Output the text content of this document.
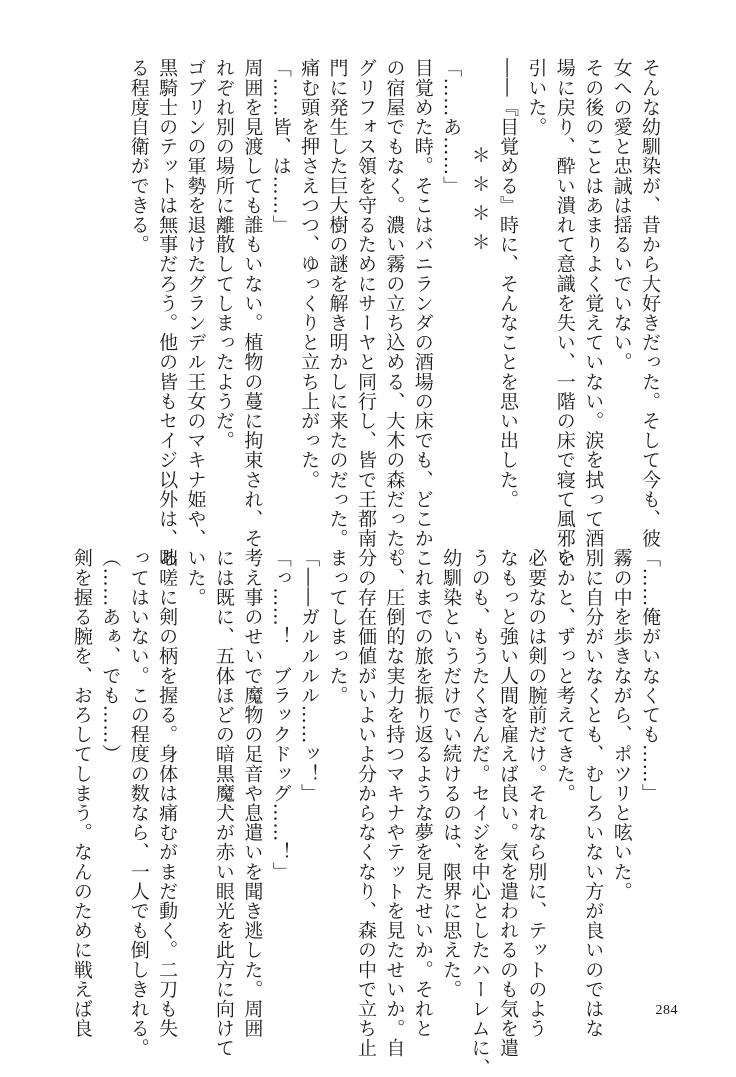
そんな幼馴染が、昔から大好きだった。そして今も、彼

女への愛と忠誠は揺るいでいない。

その後のことはあまりよく覚えていない。涙を拭って酒

場に戻り、酔い潰れて意識を失い、一階の床で寝て風邪を

引いた。

――『目覚める』時に、そんなことを思い出した。

　　　＊＊＊＊

「……あ……」

目覚めた時。そこはバニランダの酒場の床でも、どこか

の宿屋でもなく。濃い霧の立ち込める、大木の森だった。

グリフォス領を守るためにサーヤと同行し、皆で王都南

門に発生した巨大樹の謎を解き明かしに来たのだった。

痛む頭を押さえつつ、ゆっくりと立ち上がった。

「……皆、は……」

周囲を見渡しても誰もいない。植物の蔓に拘束され、そ

れぞれ別の場所に離散してしまったようだ。

ゴブリンの軍勢を退けたグランデル王女のマキナ姫や、

黒騎士のテットは無事だろう。他の皆もセイジ以外は、あ

る程度自衛ができる。

「……俺がいなくても……」

霧の中を歩きながら、ポツリと呟いた。

別に自分がいなくとも、むしろいない方が良いのではな

いかと、ずっと考えてきた。

必要なのは剣の腕前だけ。それなら別に、テットのよう

なもっと強い人間を雇えば良い。気を遣われるのも気を遣

うのも、もうたくさんだ。セイジを中心としたハーレムに、

幼馴染というだけでい続けるのは、限界に思えた。

これまでの旅を振り返るような夢を見たせいか。それと

も、圧倒的な実力を持つマキナやテットを見たせいか。自

分の存在価値がいよいよ分からなくなり、森の中で立ち止

まってしまった。

「――ガルルルル……ッ！」

「っ……！　ブラックドッグ……！」

考え事のせいで魔物の足音や息遣いを聞き逃した。周囲

には既に、五体ほどの暗黒魔犬が赤い眼光を此方に向けて

いた。

咄嗟に剣の柄を握る。身体は痛むがまだ動く。二刀も失

ってはいない。この程度の数なら、一人でも倒しきれる。

（……あぁ、でも……）

剣を握る腕を、おろしてしまう。なんのために戦えば良	284
